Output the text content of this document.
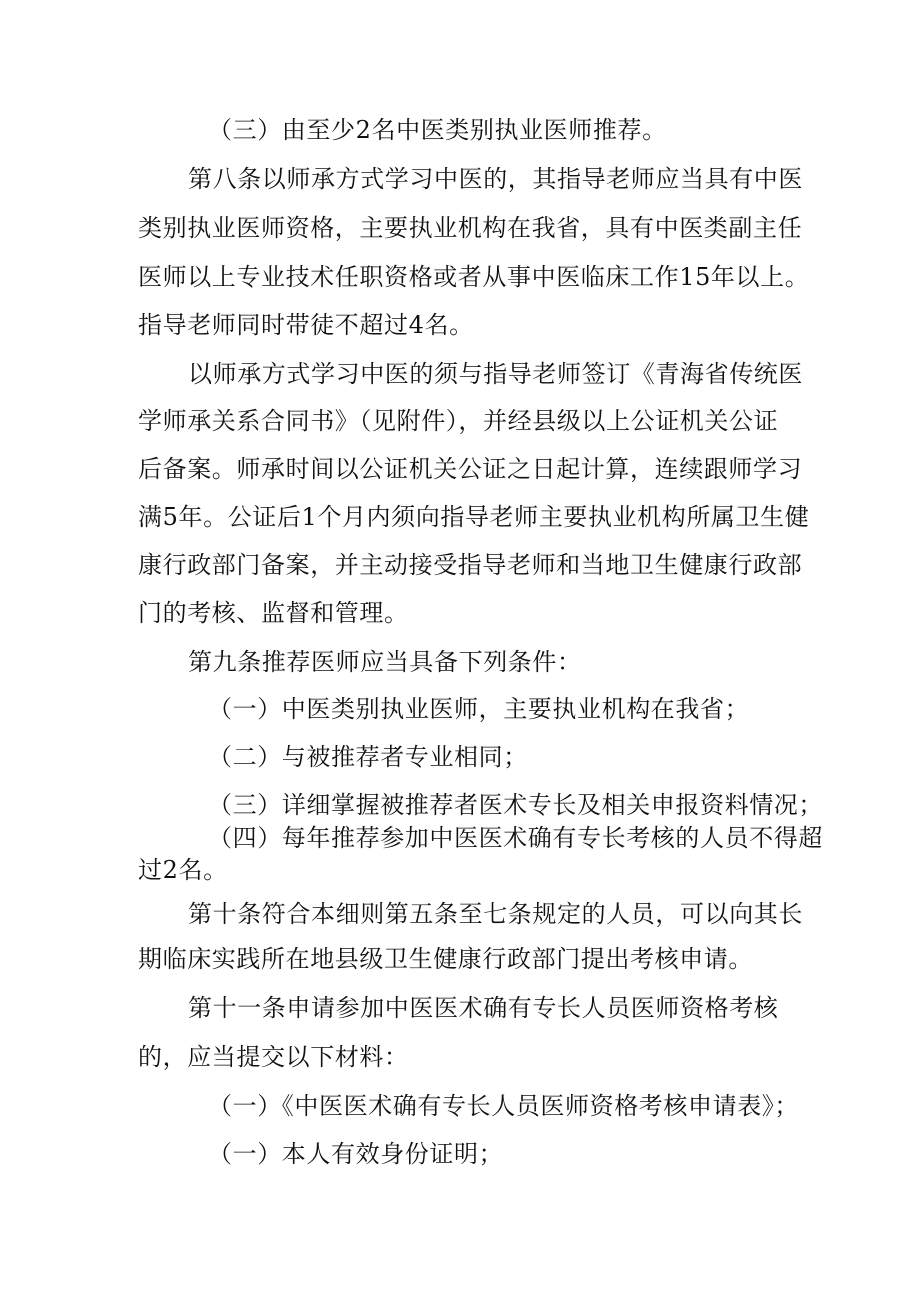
（三）由至少2名中医类别执业医师推荐。
第八条以师承方式学习中医的，其指导老师应当具有中医
类别执业医师资格，主要执业机构在我省，具有中医类副主任
医师以上专业技术任职资格或者从事中医临床工作15年以上。
指导老师同时带徒不超过4名。
以师承方式学习中医的须与指导老师签订《青海省传统医
学师承关系合同书》（见附件），并经县级以上公证机关公证
后备案。师承时间以公证机关公证之日起计算，连续跟师学习
满5年。公证后1个月内须向指导老师主要执业机构所属卫生健
康行政部门备案，并主动接受指导老师和当地卫生健康行政部
门的考核、监督和管理。
第九条推荐医师应当具备下列条件：
（一）中医类别执业医师，主要执业机构在我省；
（二）与被推荐者专业相同；
（三）详细掌握被推荐者医术专长及相关申报资料情况；
（四）每年推荐参加中医医术确有专长考核的人员不得超
过2名。
第十条符合本细则第五条至七条规定的人员，可以向其长
期临床实践所在地县级卫生健康行政部门提出考核申请。
第十一条申请参加中医医术确有专长人员医师资格考核
的，应当提交以下材料：
（一）《中医医术确有专长人员医师资格考核申请表》；
（一）本人有效身份证明；
